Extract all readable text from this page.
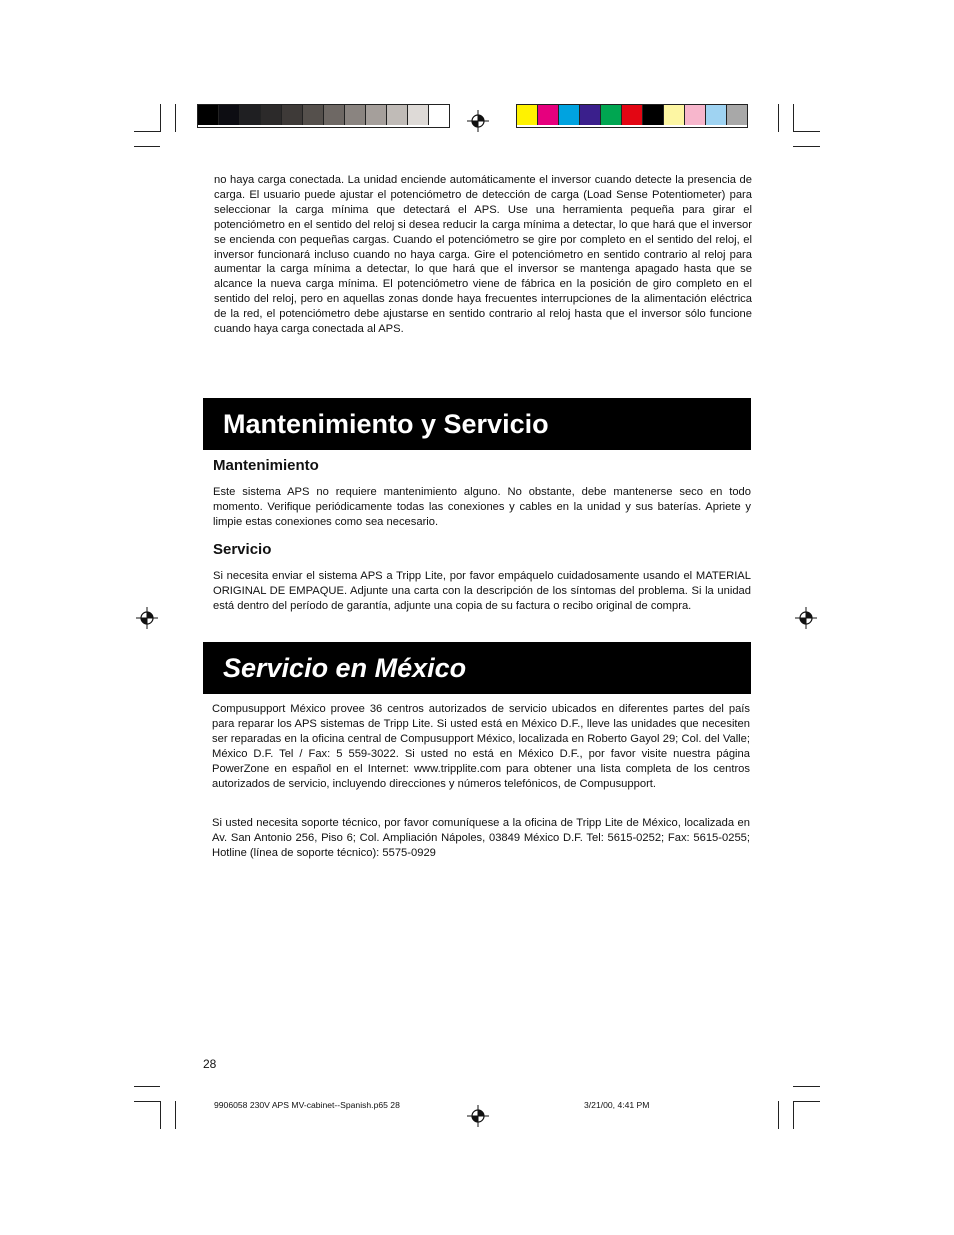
no haya carga conectada. La unidad enciende automáticamente el inversor cuando detecte la presencia de carga. El usuario puede ajustar el potenciómetro de detección de carga (Load Sense Potentiometer) para seleccionar la carga mínima que detectará el APS. Use una herramienta pequeña para girar el potenciómetro en el sentido del reloj si desea reducir la carga mínima a detectar, lo que hará que el inversor se encienda con pequeñas cargas. Cuando el potenciómetro se gire por completo en el sentido del reloj, el inversor funcionará incluso cuando no haya carga. Gire el potenciómetro en sentido contrario al reloj para aumentar la carga mínima a detectar, lo que hará que el inversor se mantenga apagado hasta que se alcance la nueva carga mínima. El potenciómetro viene de fábrica en la posición de giro completo en el sentido del reloj, pero en aquellas zonas donde haya frecuentes interrupciones de la alimentación eléctrica de la red, el potenciómetro debe ajustarse en sentido contrario al reloj hasta que el inversor sólo funcione cuando haya carga conectada al APS.

Mantenimiento y Servicio
Mantenimiento

Este sistema APS no requiere mantenimiento alguno. No obstante, debe mantenerse seco en todo momento. Verifique periódicamente todas las conexiones y cables en la unidad y sus baterías. Apriete y limpie estas conexiones como sea necesario.

Servicio

Si necesita enviar el sistema APS a Tripp Lite, por favor empáquelo cuidadosamente usando el MATERIAL ORIGINAL DE EMPAQUE. Adjunte una carta con la descripción de los síntomas del problema. Si la unidad está dentro del período de garantía, adjunte una copia de su factura o recibo original de compra.

Servicio en México

Compusupport México provee 36 centros autorizados de servicio ubicados en diferentes partes del país para reparar los APS sistemas de Tripp Lite. Si usted está en México D.F., lleve las unidades que necesiten ser reparadas en la oficina central de Compusupport México, localizada en Roberto Gayol 29; Col. del Valle; México D.F. Tel / Fax: 5 559-3022. Si usted no está en México D.F., por favor visite nuestra página PowerZone en español en el Internet: www.tripplite.com para obtener una lista completa de los centros autorizados de servicio, incluyendo direcciones y números telefónicos, de Compusupport.

Si usted necesita soporte técnico, por favor comuníquese a la oficina de Tripp Lite de México, localizada en Av. San Antonio 256, Piso 6; Col. Ampliación Nápoles, 03849 México D.F. Tel: 5615-0252; Fax: 5615-0255; Hotline (línea de soporte técnico): 5575-0929

28
9906058 230V APS MV-cabinet--Spanish.p65 28	3/21/00, 4:41 PM
